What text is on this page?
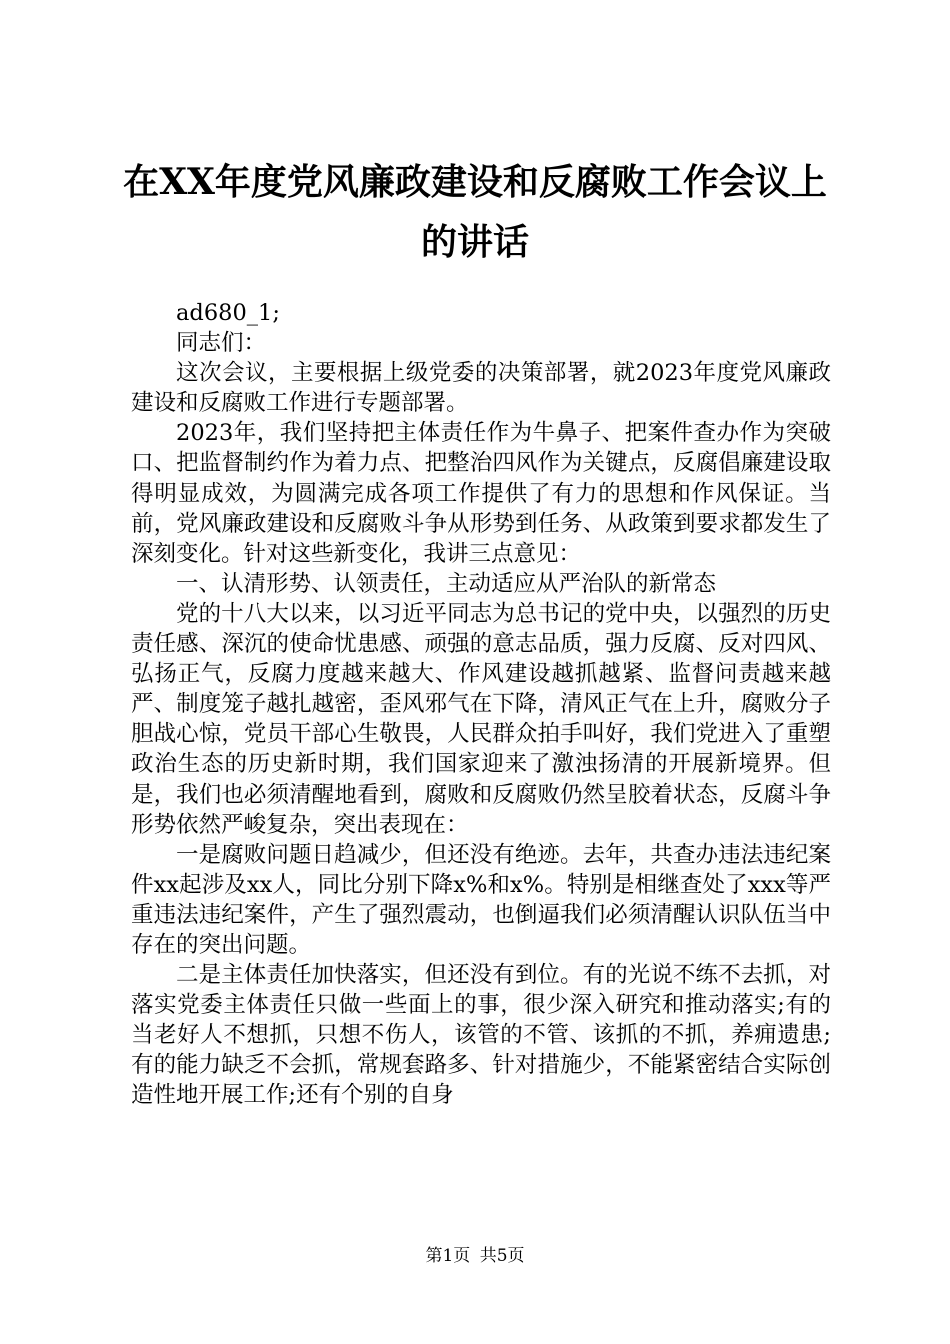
在XX年度党风廉政建设和反腐败工作会议上
的讲话

ad680_1;

同志们：

这次会议，主要根据上级党委的决策部署，就2023年度党风廉政建设和反腐败工作进行专题部署。

2023年，我们坚持把主体责任作为牛鼻子、把案件查办作为突破口、把监督制约作为着力点、把整治四风作为关键点，反腐倡廉建设取得明显成效，为圆满完成各项工作提供了有力的思想和作风保证。当前，党风廉政建设和反腐败斗争从形势到任务、从政策到要求都发生了深刻变化。针对这些新变化，我讲三点意见：

一、认清形势、认领责任，主动适应从严治队的新常态

党的十八大以来，以习近平同志为总书记的党中央，以强烈的历史责任感、深沉的使命忧患感、顽强的意志品质，强力反腐、反对四风、弘扬正气，反腐力度越来越大、作风建设越抓越紧、监督问责越来越严、制度笼子越扎越密，歪风邪气在下降，清风正气在上升，腐败分子胆战心惊，党员干部心生敬畏，人民群众拍手叫好，我们党进入了重塑政治生态的历史新时期，我们国家迎来了激浊扬清的开展新境界。但是，我们也必须清醒地看到，腐败和反腐败仍然呈胶着状态，反腐斗争形势依然严峻复杂，突出表现在：

一是腐败问题日趋减少，但还没有绝迹。去年，共查办违法违纪案件xx起涉及xx人，同比分别下降x%和x%。特别是相继查处了xxx等严重违法违纪案件，产生了强烈震动，也倒逼我们必须清醒认识队伍当中存在的突出问题。

二是主体责任加快落实，但还没有到位。有的光说不练不去抓，对落实党委主体责任只做一些面上的事，很少深入研究和推动落实;有的当老好人不想抓，只想不伤人，该管的不管、该抓的不抓，养痈遗患;有的能力缺乏不会抓，常规套路多、针对措施少，不能紧密结合实际创造性地开展工作;还有个别的自身

第1页 共5页
